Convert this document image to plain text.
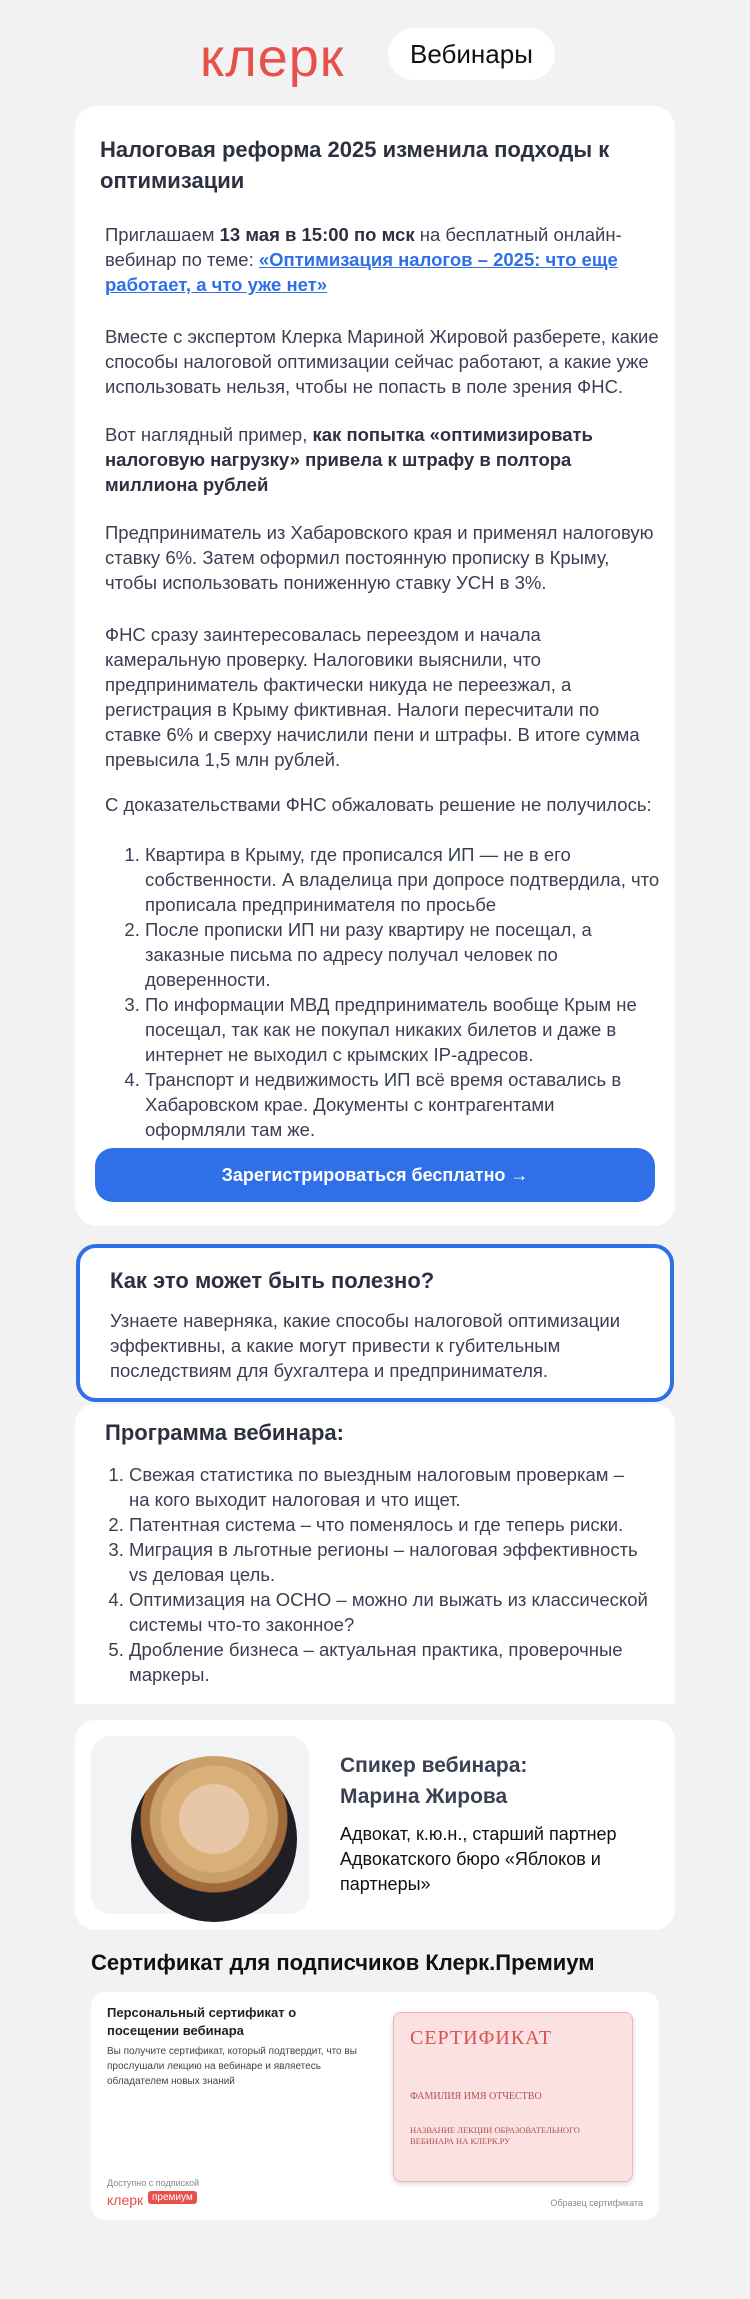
клерк	Вебинары
Налоговая реформа 2025 изменила подходы к оптимизации
Приглашаем 13 мая в 15:00 по мск на бесплатный онлайн-вебинар по теме: «Оптимизация налогов – 2025: что еще работает, а что уже нет»
Вместе с экспертом Клерка Мариной Жировой разберете, какие способы налоговой оптимизации сейчас работают, а какие уже использовать нельзя, чтобы не попасть в поле зрения ФНС.
Вот наглядный пример, как попытка «оптимизировать налоговую нагрузку» привела к штрафу в полтора миллиона рублей
Предприниматель из Хабаровского края и применял налоговую ставку 6%. Затем оформил постоянную прописку в Крыму, чтобы использовать пониженную ставку УСН в 3%.
ФНС сразу заинтересовалась переездом и начала камеральную проверку. Налоговики выяснили, что предприниматель фактически никуда не переезжал, а регистрация в Крыму фиктивная. Налоги пересчитали по ставке 6% и сверху начислили пени и штрафы. В итоге сумма превысила 1,5 млн рублей.
С доказательствами ФНС обжаловать решение не получилось:
1. Квартира в Крыму, где прописался ИП — не в его собственности. А владелица при допросе подтвердила, что прописала предпринимателя по просьбе
2. После прописки ИП ни разу квартиру не посещал, а заказные письма по адресу получал человек по доверенности.
3. По информации МВД предприниматель вообще Крым не посещал, так как не покупал никаких билетов и даже в интернет не выходил с крымских IP-адресов.
4. Транспорт и недвижимость ИП всё время оставались в Хабаровском крае. Документы с контрагентами оформляли там же.
Зарегистрироваться бесплатно →
Как это может быть полезно?

Узнаете наверняка, какие способы налоговой оптимизации эффективны, а какие могут привести к губительным последствиям для бухгалтера и предпринимателя.

Программа вебинара:
1. Свежая статистика по выездным налоговым проверкам – на кого выходит налоговая и что ищет.
2. Патентная система – что поменялось и где теперь риски.
3. Миграция в льготные регионы – налоговая эффективность vs деловая цель.
4. Оптимизация на ОСНО – можно ли выжать из классической системы что-то законное?
5. Дробление бизнеса – актуальная практика, проверочные маркеры.
Спикер вебинара:
Марина Жирова
Адвокат, к.ю.н., старший партнер Адвокатского бюро «Яблоков и партнеры»
Сертификат для подписчиков Клерк.Премиум
Персональный сертификат о посещении вебинара
Вы получите сертификат, который подтвердит, что вы прослушали лекцию на вебинаре и являетесь обладателем новых знаний
Доступно с подпиской
клерк премиум
СЕРТИФИКАТ
ФАМИЛИЯ ИМЯ ОТЧЕСТВО
НАЗВАНИЕ ЛЕКЦИИ ОБРАЗОВАТЕЛЬНОГО ВЕБИНАРА НА КЛЕРК.РУ
Образец сертификата
